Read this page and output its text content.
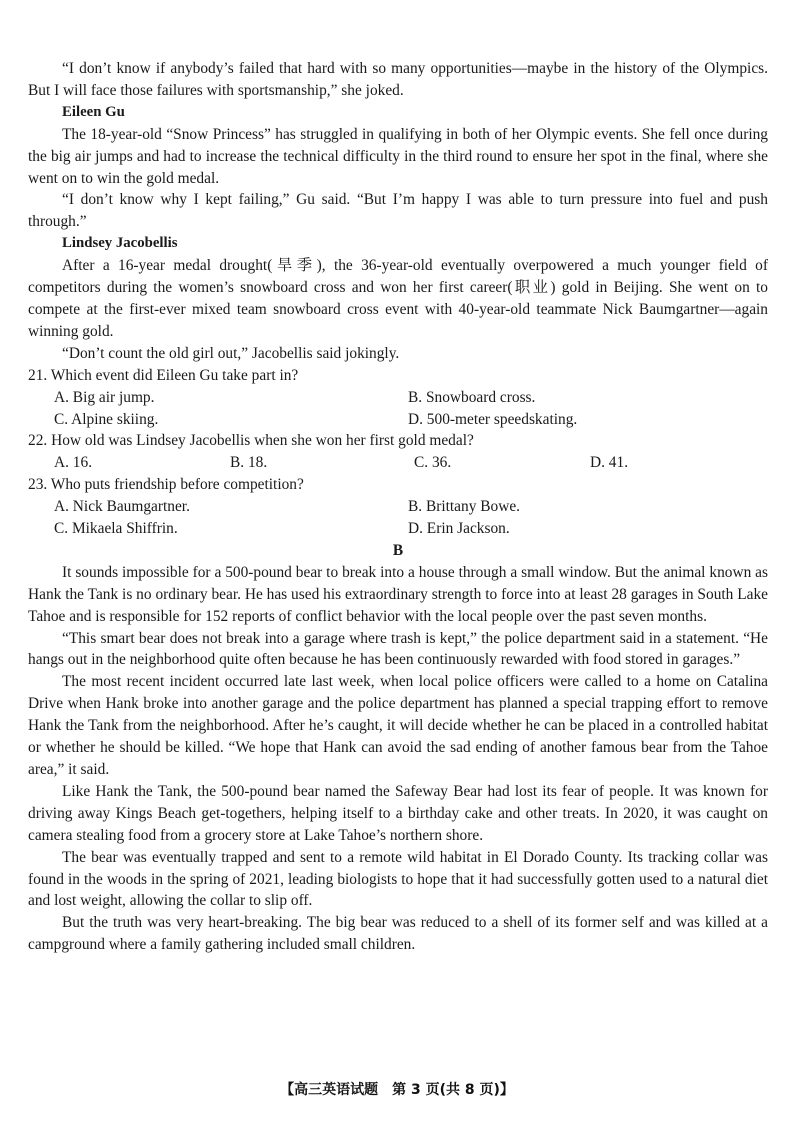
“I don’t know if anybody’s failed that hard with so many opportunities—maybe in the history of the Olympics. But I will face those failures with sportsmanship,” she joked.

Eileen Gu

The 18-year-old “Snow Princess” has struggled in qualifying in both of her Olympic events. She fell once during the big air jumps and had to increase the technical difficulty in the third round to ensure her spot in the final, where she went on to win the gold medal.

“I don’t know why I kept failing,” Gu said. “But I’m happy I was able to turn pressure into fuel and push through.”

Lindsey Jacobellis

After a 16-year medal drought(旱季), the 36-year-old eventually overpowered a much younger field of competitors during the women’s snowboard cross and won her first career(职业) gold in Beijing. She went on to compete at the first-ever mixed team snowboard cross event with 40-year-old teammate Nick Baumgartner—again winning gold.

“Don’t count the old girl out,” Jacobellis said jokingly.

21. Which event did Eileen Gu take part in?

A. Big air jump.	B. Snowboard cross.
C. Alpine skiing.	D. 500-meter speedskating.

22. How old was Lindsey Jacobellis when she won her first gold medal?

A. 16.	B. 18.	C. 36.	D. 41.

23. Who puts friendship before competition?

A. Nick Baumgartner.	B. Brittany Bowe.
C. Mikaela Shiffrin.	D. Erin Jackson.

B

It sounds impossible for a 500-pound bear to break into a house through a small window. But the animal known as Hank the Tank is no ordinary bear. He has used his extraordinary strength to force into at least 28 garages in South Lake Tahoe and is responsible for 152 reports of conflict behavior with the local people over the past seven months.

“This smart bear does not break into a garage where trash is kept,” the police department said in a statement. “He hangs out in the neighborhood quite often because he has been continuously rewarded with food stored in garages.”

The most recent incident occurred late last week, when local police officers were called to a home on Catalina Drive when Hank broke into another garage and the police department has planned a special trapping effort to remove Hank the Tank from the neighborhood. After he’s caught, it will decide whether he can be placed in a controlled habitat or whether he should be killed. “We hope that Hank can avoid the sad ending of another famous bear from the Tahoe area,” it said.

Like Hank the Tank, the 500-pound bear named the Safeway Bear had lost its fear of people. It was known for driving away Kings Beach get-togethers, helping itself to a birthday cake and other treats. In 2020, it was caught on camera stealing food from a grocery store at Lake Tahoe’s northern shore.

The bear was eventually trapped and sent to a remote wild habitat in El Dorado County. Its tracking collar was found in the woods in the spring of 2021, leading biologists to hope that it had successfully gotten used to a natural diet and lost weight, allowing the collar to slip off.

But the truth was very heart-breaking. The big bear was reduced to a shell of its former self and was killed at a campground where a family gathering included small children.

【高三英语试题　第 3 页(共 8 页)】
